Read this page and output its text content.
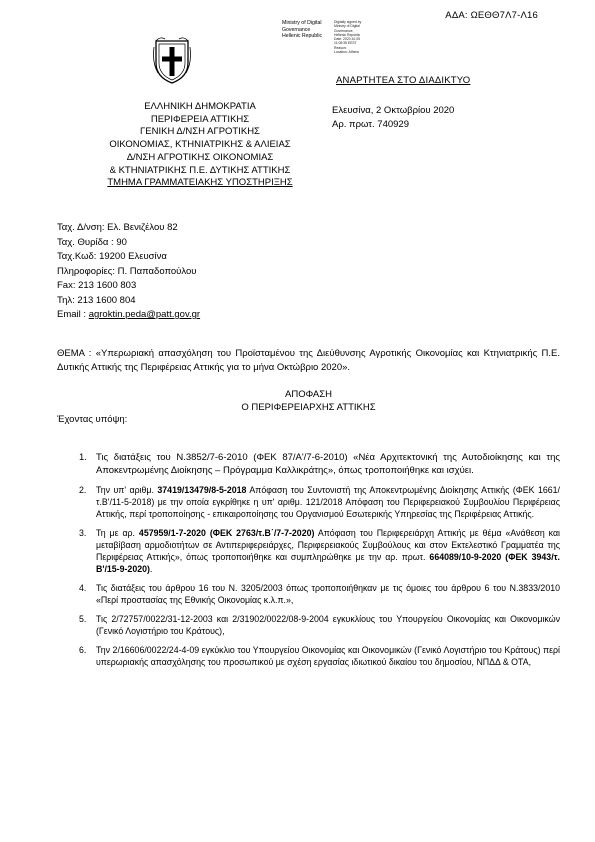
ΑΔΑ: ΩΕΘΘ7Λ7-Λ16
Ministry of Digital
Governance
Hellenic Republic
Digitally signed by
Ministry of Digital
Governance,
Hellenic Republic
Date: 2020.10.05
11:05:35 EEST
Reason:
Location: Athens
ΑΝΑΡΤΗΤΕΑ ΣΤΟ ΔΙΑΔΙΚΤΥΟ
ΕΛΛΗΝΙΚΗ ΔΗΜΟΚΡΑΤΙΑ
ΠΕΡΙΦΕΡΕΙΑ ΑΤΤΙΚΗΣ
ΓΕΝΙΚΗ Δ/ΝΣΗ ΑΓΡΟΤΙΚΗΣ
ΟΙΚΟΝΟΜΙΑΣ, ΚΤΗΝΙΑΤΡΙΚΗΣ & ΑΛΙΕΙΑΣ
Δ/ΝΣΗ ΑΓΡΟΤΙΚΗΣ ΟΙΚΟΝΟΜΙΑΣ
& ΚΤΗΝΙΑΤΡΙΚΗΣ Π.Ε. ΔΥΤΙΚΗΣ ΑΤΤΙΚΗΣ
ΤΜΗΜΑ ΓΡΑΜΜΑΤΕΙΑΚΗΣ ΥΠΟΣΤΗΡΙΞΗΣ
Ελευσίνα, 2 Οκτωβρίου 2020
Αρ. πρωτ. 740929
Ταχ. Δ/νση: Ελ. Βενιζέλου 82
Ταχ. Θυρίδα : 90
Ταχ.Κωδ: 19200 Ελευσίνα
Πληροφορίες: Π. Παπαδοπούλου
Fax: 213 1600 803
Τηλ: 213 1600 804
Email : agroktin.peda@patt.gov.gr
ΘΕΜΑ : «Υπερωριακή απασχόληση του Προϊσταμένου της Διεύθυνσης Αγροτικής Οικονομίας και Κτηνιατρικής Π.Ε. Δυτικής Αττικής της Περιφέρειας Αττικής για το μήνα Οκτώβριο 2020».
ΑΠΟΦΑΣΗ
Ο ΠΕΡΙΦΕΡΕΙΑΡΧΗΣ ΑΤΤΙΚΗΣ
Έχοντας υπόψη:
1. Τις διατάξεις του Ν.3852/7-6-2010 (ΦΕΚ 87/Α'/7-6-2010) «Νέα Αρχιτεκτονική της Αυτοδιοίκησης και της Αποκεντρωμένης Διοίκησης – Πρόγραμμα Καλλικράτης», όπως τροποποιήθηκε και ισχύει.
2. Την υπ' αριθμ. 37419/13479/8-5-2018 Απόφαση του Συντονιστή της Αποκεντρωμένης Διοίκησης Αττικής (ΦΕΚ 1661/τ.Β'/11-5-2018) με την οποία εγκρίθηκε η υπ' αριθμ. 121/2018 Απόφαση του Περιφερειακού Συμβουλίου Περιφέρειας Αττικής, περί τροποποίησης - επικαιροποίησης του Οργανισμού Εσωτερικής Υπηρεσίας της Περιφέρειας Αττικής.
3. Τη με αρ. 457959/1-7-2020 (ΦΕΚ 2763/τ.Β΄/7-7-2020) Απόφαση του Περιφερειάρχη Αττικής με θέμα «Ανάθεση και μεταβίβαση αρμοδιοτήτων σε Αντιπεριφερειάρχες, Περιφερειακούς Συμβούλους και στον Εκτελεστικό Γραμματέα της Περιφέρειας Αττικής», όπως τροποποιήθηκε και συμπληρώθηκε με την αρ. πρωτ. 664089/10-9-2020 (ΦΕΚ 3943/τ. Β'/15-9-2020).
4. Τις διατάξεις του άρθρου 16 του Ν. 3205/2003 όπως τροποποιήθηκαν με τις όμοιες του άρθρου 6 του Ν.3833/2010 «Περί προστασίας της Εθνικής Οικονομίας κ.λ.π.»,
5. Τις 2/72757/0022/31-12-2003 και 2/31902/0022/08-9-2004 εγκυκλίους του Υπουργείου Οικονομίας και Οικονομικών (Γενικό Λογιστήριο του Κράτους),
6. Την 2/16606/0022/24-4-09 εγκύκλιο του Υπουργείου Οικονομίας και Οικονομικών (Γενικό Λογιστήριο του Κράτους) περί υπερωριακής απασχόλησης του προσωπικού με σχέση εργασίας ιδιωτικού δικαίου του δημοσίου, ΝΠΔΔ & ΟΤΑ,
